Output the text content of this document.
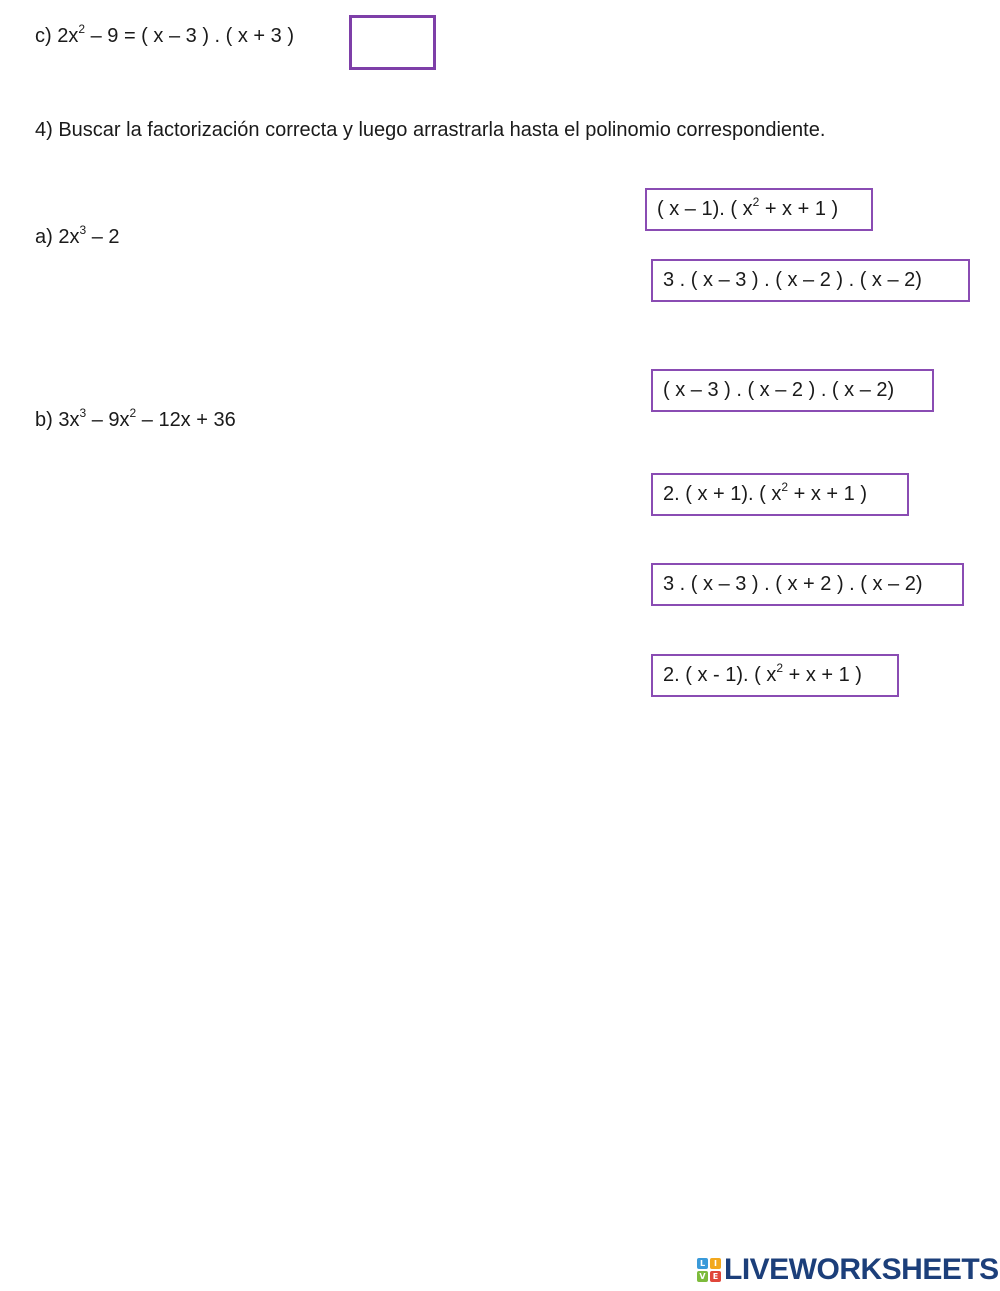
c) $2x^2 - 9$ = ( x – 3 ) . ( x + 3 )
4) Buscar la factorización correcta y luego arrastrarla hasta el polinomio correspondiente.
a) $2x^3 - 2$
b) $3x^3 - 9x^2 - 12x + 36$
( x – 1). ( $x^2 + x + 1$ )
3 . ( x – 3 ) . ( x – 2 ) . ( x – 2)
( x – 3 ) . ( x – 2 ) . ( x – 2)
2. ( x + 1). ( $x^2 + x + 1$ )
3 . ( x – 3 ) . ( x + 2 ) . ( x – 2)
2. ( x - 1). ( $x^2 + x + 1$ )
L	I
V E LIVEWORKSHEETS
